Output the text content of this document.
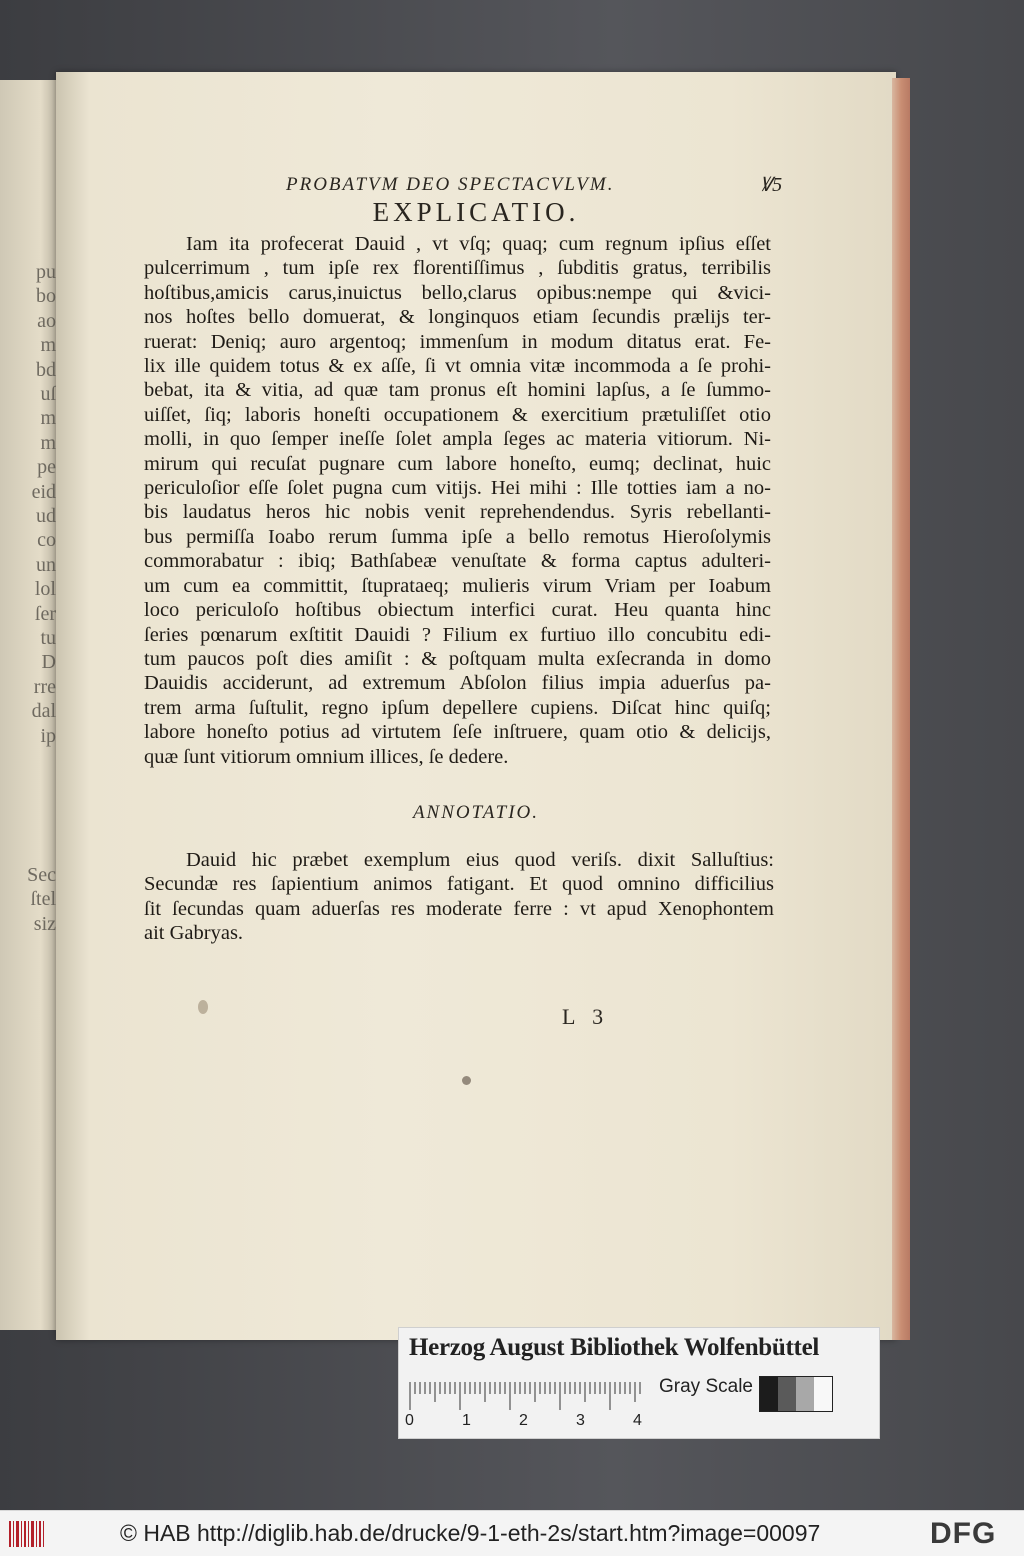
pu
bo
ao
m
bd
uſ
m
m
pe
eid
ud
co
un
lol
ſer
tu
D
rre
dal
ip
Sec
ſtel
siz
PROBATVM DEO SPECTACVLVM.	Ꝟ5
EXPLICATIO.
Iam ita profecerat Dauid , vt vſq; quaq; cum regnum ipſius eſſet
pulcerrimum , tum ipſe rex florentiſſimus , ſubditis gratus, terribilis
hoſtibus,amicis carus,inuictus bello,clarus opibus:nempe qui &vici-
nos hoſtes bello domuerat, & longinquos etiam ſecundis prælijs ter-
ruerat: Deniq; auro argentoq; immenſum in modum ditatus erat. Fe-
lix ille quidem totus & ex aſſe, ſi vt omnia vitæ incommoda a ſe prohi-
bebat, ita & vitia, ad quæ tam pronus eſt homini lapſus, a ſe ſummo-
uiſſet, ſiq; laboris honeſti occupationem & exercitium prætuliſſet otio
molli, in quo ſemper ineſſe ſolet ampla ſeges ac materia vitiorum. Ni-
mirum qui recuſat pugnare cum labore honeſto, eumq; declinat, huic
periculoſior eſſe ſolet pugna cum vitijs. Hei mihi : Ille totties iam a no-
bis laudatus heros hic nobis venit reprehendendus. Syris rebellanti-
bus permiſſa Ioabo rerum ſumma ipſe a bello remotus Hieroſolymis
commorabatur : ibiq; Bathſabeæ venuſtate & forma captus adulteri-
um cum ea committit, ſtuprataeq; mulieris virum Vriam per Ioabum
loco periculoſo hoſtibus obiectum interfici curat. Heu quanta hinc
ſeries pœnarum exſtitit Dauidi ? Filium ex furtiuo illo concubitu edi-
tum paucos poſt dies amiſit : & poſtquam multa exſecranda in domo
Dauidis acciderunt, ad extremum Abſolon filius impia aduerſus pa-
trem arma ſuſtulit, regno ipſum depellere cupiens. Diſcat hinc quiſq;
labore honeſto potius ad virtutem ſeſe inſtruere, quam otio & delicijs,
quæ ſunt vitiorum omnium illices, ſe dedere.
ANNOTATIO.
Dauid hic præbet exemplum eius quod veriſs. dixit Salluſtius:
Secundæ res ſapientium animos fatigant. Et quod omnino difficilius
ſit ſecundas quam aduerſas res moderate ferre : vt apud Xenophontem
ait Gabryas.
L 3
Herzog August Bibliothek Wolfenbüttel
0	1	2	3	4
Gray Scale
© HAB http://diglib.hab.de/drucke/9-1-eth-2s/start.htm?image=00097	DFG
